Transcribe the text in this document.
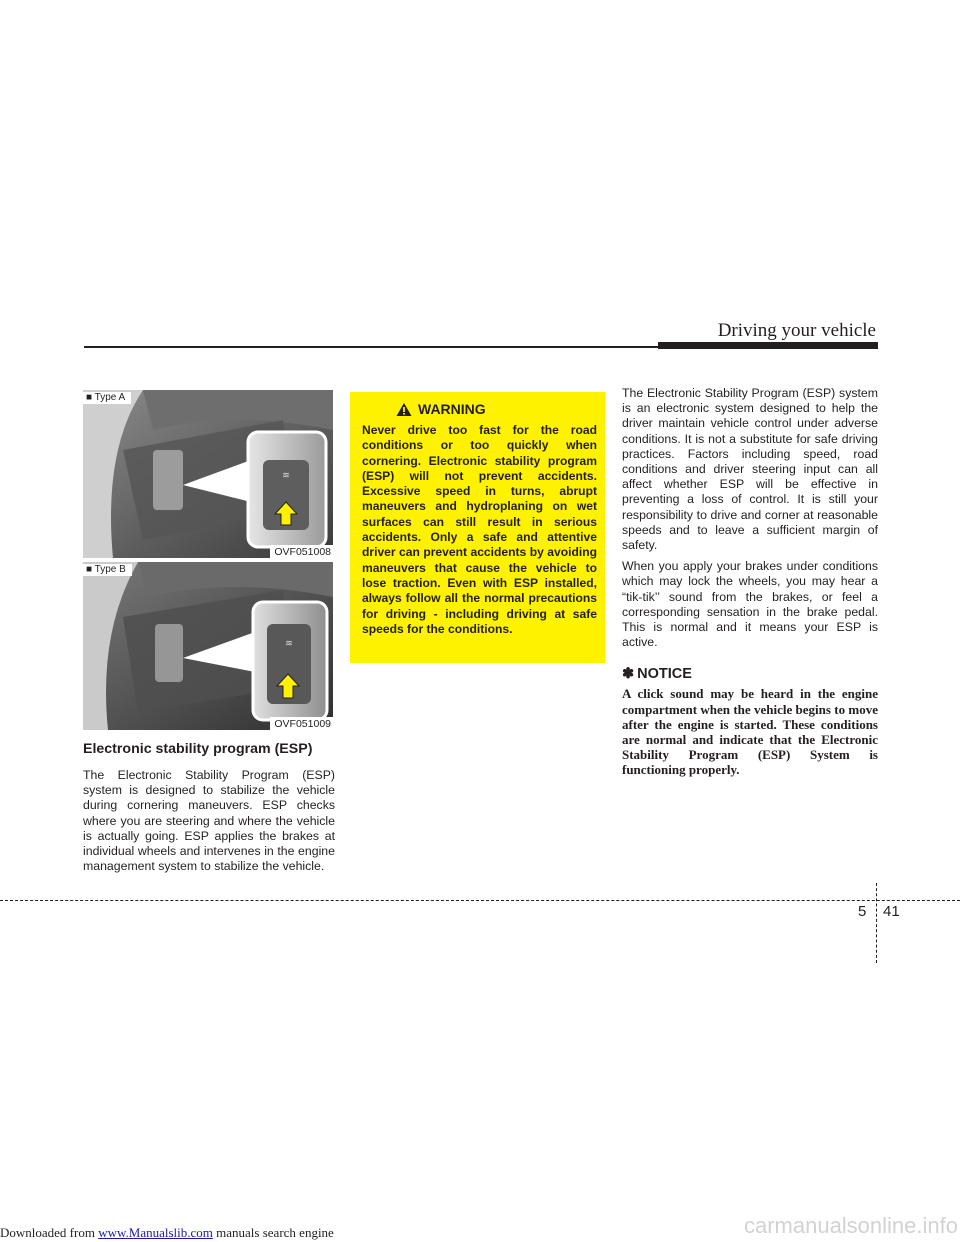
Driving your vehicle
≋
■ Type A
OVF051008
≋
■ Type B
OVF051009
Electronic stability program (ESP)

The Electronic Stability Program (ESP) system is designed to stabilize the vehicle during cornering maneuvers. ESP checks where you are steering and where the vehicle is actually going. ESP applies the brakes at individual wheels and intervenes in the engine management system to stabilize the vehicle.

WARNING

Never drive too fast for the road conditions or too quickly when cornering. Electronic stability program (ESP) will not prevent accidents. Excessive speed in turns, abrupt maneuvers and hydroplaning on wet surfaces can still result in serious accidents. Only a safe and attentive driver can prevent accidents by avoiding maneuvers that cause the vehicle to lose traction. Even with ESP installed, always follow all the normal precautions for driving - including driving at safe speeds for the conditions.

The Electronic Stability Program (ESP) system is an electronic system designed to help the driver maintain vehicle control under adverse conditions. It is not a substitute for safe driving practices. Factors including speed, road conditions and driver steering input can all affect whether ESP will be effective in preventing a loss of control. It is still your responsibility to drive and corner at reasonable speeds and to leave a sufficient margin of safety.

When you apply your brakes under conditions which may lock the wheels, you may hear a “tik-tik’’ sound from the brakes, or feel a corresponding sensation in the brake pedal. This is normal and it means your ESP is active.

✽ NOTICE

A click sound may be heard in the engine compartment when the vehicle begins to move after the engine is started. These conditions are normal and indicate that the Electronic Stability Program (ESP) System is functioning properly.

5 41
Downloaded from www.Manualslib.com manuals search engine	carmanualsonline.info
